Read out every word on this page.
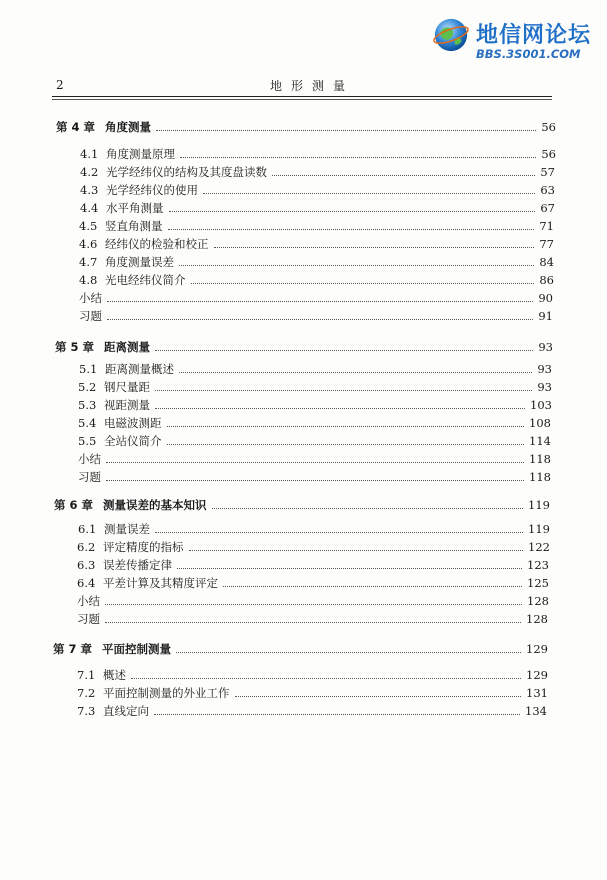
地信网论坛
BBS.3S001.COM
2	地形测量
第 4 章 角度测量	56
4.1 角度测量原理	56
4.2 光学经纬仪的结构及其度盘读数	57
4.3 光学经纬仪的使用	63
4.4 水平角测量	67
4.5 竖直角测量	71
4.6 经纬仪的检验和校正	77
4.7 角度测量误差	84
4.8 光电经纬仪简介	86
小结	90
习题	91
第 5 章 距离测量	93
5.1 距离测量概述	93
5.2 钢尺量距	93
5.3 视距测量	103
5.4 电磁波测距	108
5.5 全站仪简介	114
小结	118
习题	118
第 6 章 测量误差的基本知识	119
6.1 测量误差	119
6.2 评定精度的指标	122
6.3 误差传播定律	123
6.4 平差计算及其精度评定	125
小结	128
习题	128
第 7 章 平面控制测量	129
7.1 概述	129
7.2 平面控制测量的外业工作	131
7.3 直线定向	134
